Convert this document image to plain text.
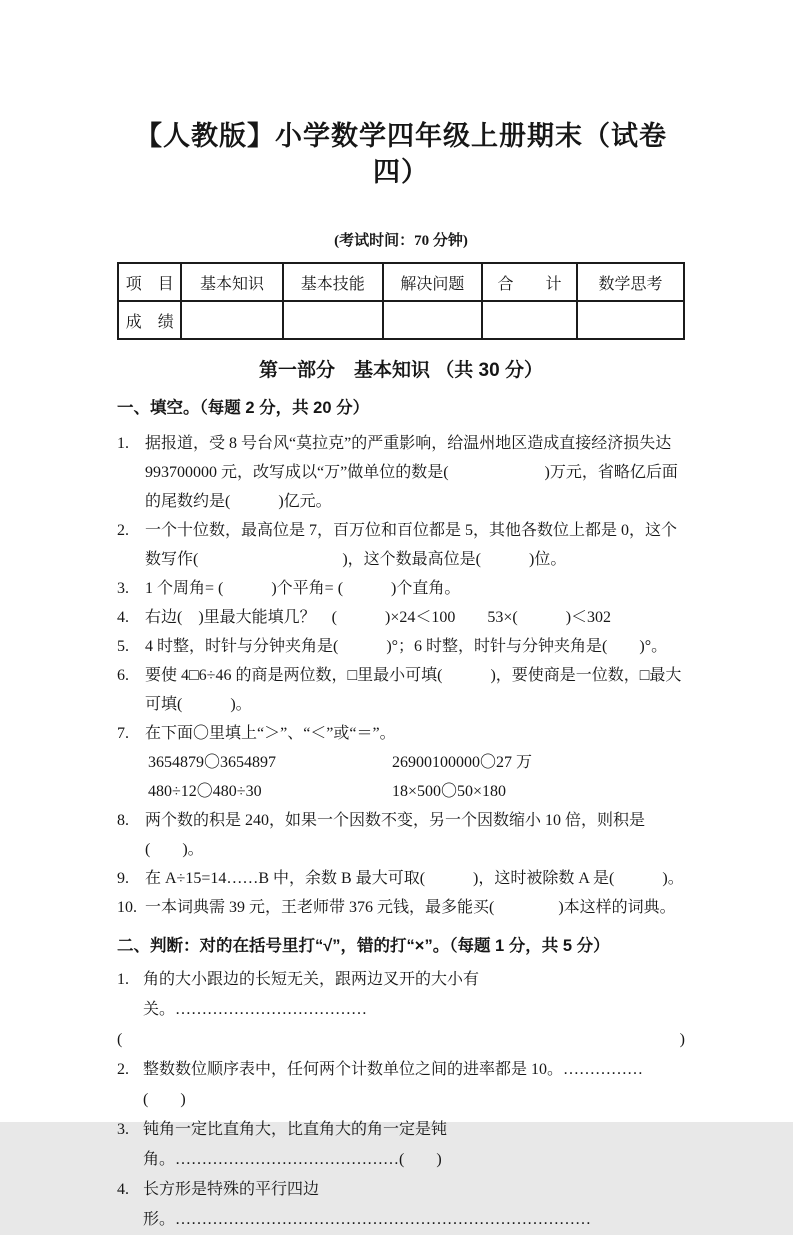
【人教版】小学数学四年级上册期末（试卷四）
(考试时间：70 分钟)
项　目	基本知识	基本技能	解决问题	合　　计	数学思考
成　绩					
第一部分　基本知识 （共 30 分）
一、填空。（每题 2 分，共 20 分）
1.	据报道，受 8 号台风“莫拉克”的严重影响，给温州地区造成直接经济损失达 993700000 元，改写成以“万”做单位的数是(　　　　　　)万元，省略亿后面的尾数约是(　　　)亿元。
2.	一个十位数，最高位是 7，百万位和百位都是 5，其他各数位上都是 0，这个数写作(　　　　　　　　　)，这个数最高位是(　　　)位。
3.	1 个周角= (　　　)个平角= (　　　)个直角。
4.	右边(　)里最大能填几？　(　　　)×24＜100　　53×(　　　)＜302
5.	4 时整，时针与分钟夹角是(　　　)°；6 时整，时针与分钟夹角是(　　)°。
6.	要使 4□6÷46 的商是两位数，□里最小可填(　　　)，要使商是一位数，□最大可填(　　　)。
7.	在下面〇里填上“＞”、“＜”或“＝”。
3654879〇3654897	26900100000〇27 万
480÷12〇480÷30	18×500〇50×180
8.	两个数的积是 240，如果一个因数不变，另一个因数缩小 10 倍，则积是(　　)。
9.	在 A÷15=14……B 中，余数 B 最大可取(　　　)，这时被除数 A 是(　　　)。
10. 一本词典需 39 元，王老师带 376 元钱，最多能买(　　　　)本这样的词典。
二、判断：对的在括号里打“√”，错的打“×”。（每题 1 分，共 5 分）
1. 角的大小跟边的长短无关，跟两边叉开的大小有关。………………………………
(	)
2. 整数数位顺序表中，任何两个计数单位之间的进率都是 10。……………(　　)
3. 钝角一定比直角大，比直角大的角一定是钝角。……………………………………(　　)
4. 长方形是特殊的平行四边形。……………………………………………………………………
